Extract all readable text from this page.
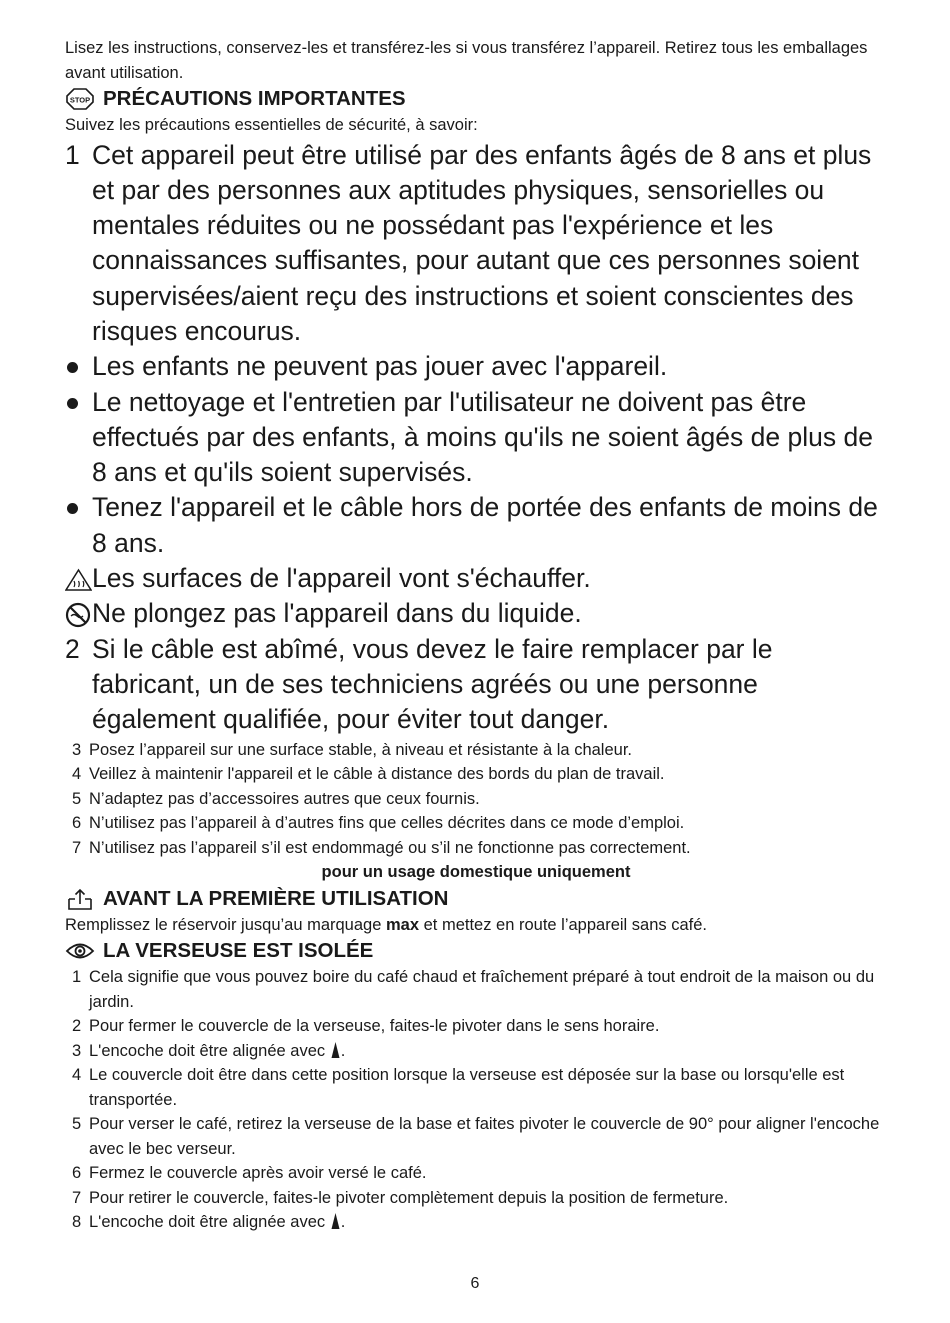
Lisez les instructions, conservez-les et transférez-les si vous transférez l’appareil. Retirez tous les emballages avant utilisation.

STOP PRÉCAUTIONS IMPORTANTES

Suivez les précautions essentielles de sécurité, à savoir:

1 Cet appareil peut être utilisé par des enfants âgés de 8 ans et plus et par des personnes aux aptitudes physiques, sensorielles ou mentales réduites ou ne possédant pas l'expérience et les connaissances suffisantes, pour autant que ces personnes soient supervisées/aient reçu des instructions et soient conscientes des risques encourus.
Les enfants ne peuvent pas jouer avec l'appareil.
Le nettoyage et l'entretien par l'utilisateur ne doivent pas être effectués par des enfants, à moins qu'ils ne soient âgés de plus de 8 ans et qu'ils soient supervisés.
Tenez l'appareil et le câble hors de portée des enfants de moins de 8 ans.
Les surfaces de l'appareil vont s'échauffer.
Ne plongez pas l'appareil dans du liquide.
2 Si le câble est abîmé, vous devez le faire remplacer par le fabricant, un de ses techniciens agréés ou une personne également qualifiée, pour éviter tout danger.
3 Posez l’appareil sur une surface stable, à niveau et résistante à la chaleur.
4 Veillez à maintenir l'appareil et le câble à distance des bords du plan de travail.
5 N’adaptez pas d’accessoires autres que ceux fournis.
6 N’utilisez pas l’appareil à d’autres fins que celles décrites dans ce mode d’emploi.
7 N’utilisez pas l’appareil s’il est endommagé ou s’il ne fonctionne pas correctement.

pour un usage domestique uniquement

AVANT LA PREMIÈRE UTILISATION

Remplissez le réservoir jusqu’au marquage max et mettez en route l’appareil sans café.

LA VERSEUSE EST ISOLÉE
1 Cela signifie que vous pouvez boire du café chaud et fraîchement préparé à tout endroit de la maison ou du jardin.
2 Pour fermer le couvercle de la verseuse, faites-le pivoter dans le sens horaire.
3 L'encoche doit être alignée avec .
4 Le couvercle doit être dans cette position lorsque la verseuse est déposée sur la base ou lorsqu'elle est transportée.
5 Pour verser le café, retirez la verseuse de la base et faites pivoter le couvercle de 90° pour aligner l'encoche avec le bec verseur.
6 Fermez le couvercle après avoir versé le café.
7 Pour retirer le couvercle, faites-le pivoter complètement depuis la position de fermeture.
8 L'encoche doit être alignée avec .
6
